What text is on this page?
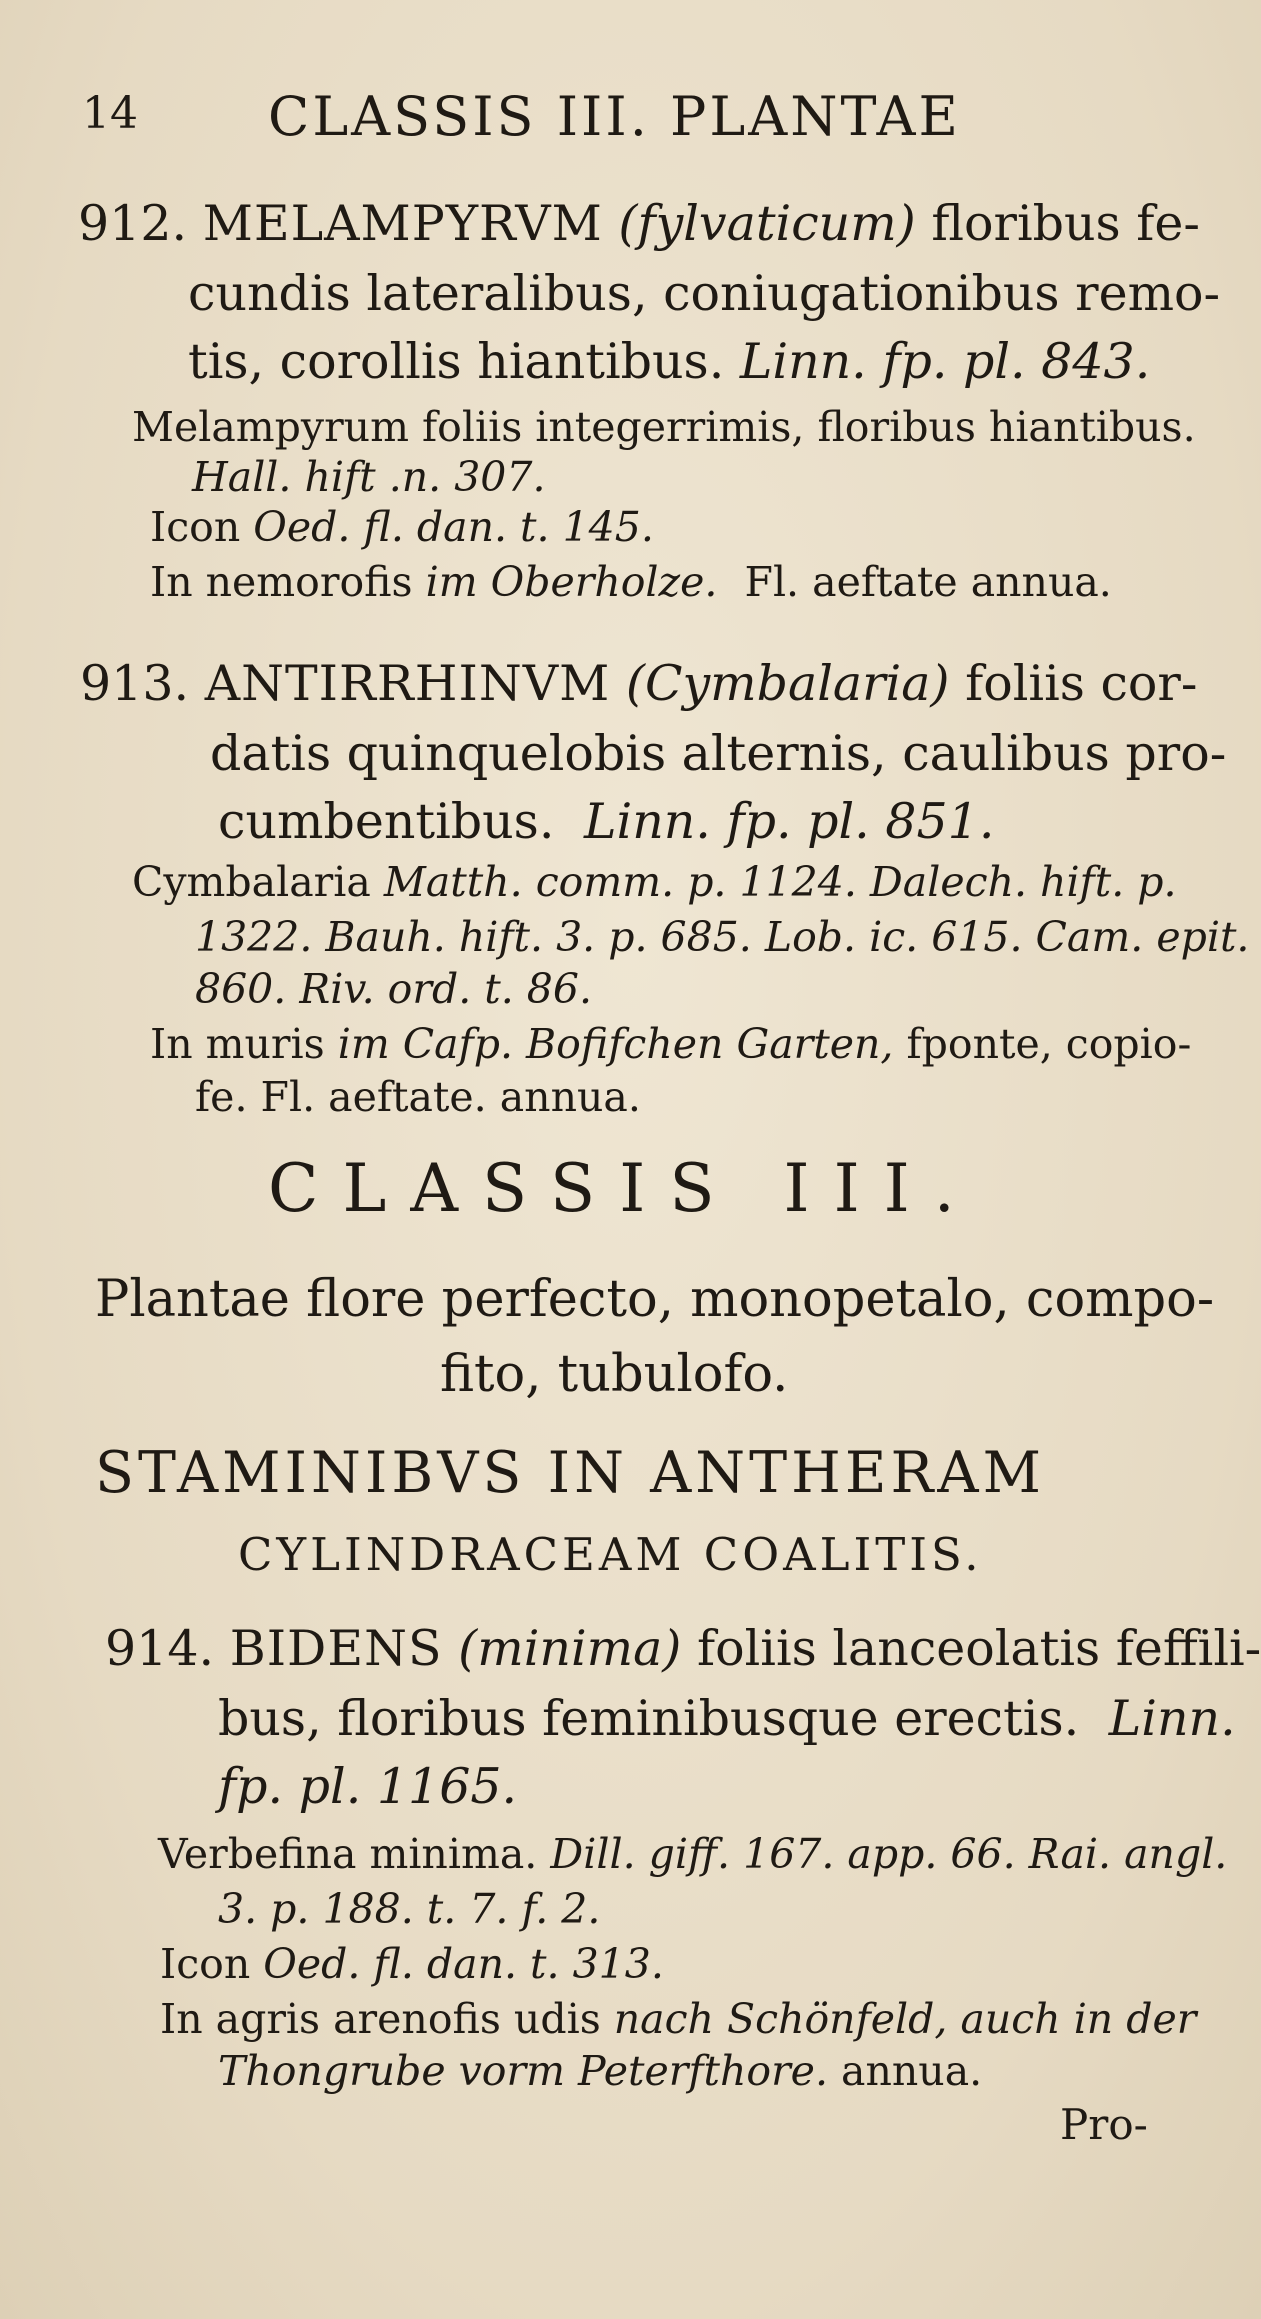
14 CLASSIS III. PLANTAE
912. MELAMPYRVM (fylvaticum) floribus fe-
cundis lateralibus, coniugationibus remo-
tis, corollis hiantibus. Linn. fp. pl. 843.
Melampyrum foliis integerrimis, floribus hiantibus.
Hall. hift .n. 307.
Icon Oed. fl. dan. t. 145.
In nemorofis im Oberholze. Fl. aeftate annua.
913. ANTIRRHINVM (Cymbalaria) foliis cor-
datis quinquelobis alternis, caulibus pro-
cumbentibus. Linn. fp. pl. 851.
Cymbalaria Matth. comm. p. 1124. Dalech. hift. p.
1322. Bauh. hift. 3. p. 685. Lob. ic. 615. Cam. epit.
860. Riv. ord. t. 86.
In muris im Cafp. Bofifchen Garten, fponte, copio-
fe. Fl. aeftate. annua.
CLASSIS III.
Plantae flore perfecto, monopetalo, compo-
fito, tubulofo.
STAMINIBVS IN ANTHERAM
CYLINDRACEAM COALITIS.
914. BIDENS (minima) foliis lanceolatis feffili-
bus, floribus feminibusque erectis. Linn.
fp. pl. 1165.
Verbefina minima. Dill. giff. 167. app. 66. Rai. angl.
3. p. 188. t. 7. f. 2.
Icon Oed. fl. dan. t. 313.
In agris arenofis udis nach Schönfeld, auch in der
Thongrube vorm Peterfthore. annua.
Pro-
